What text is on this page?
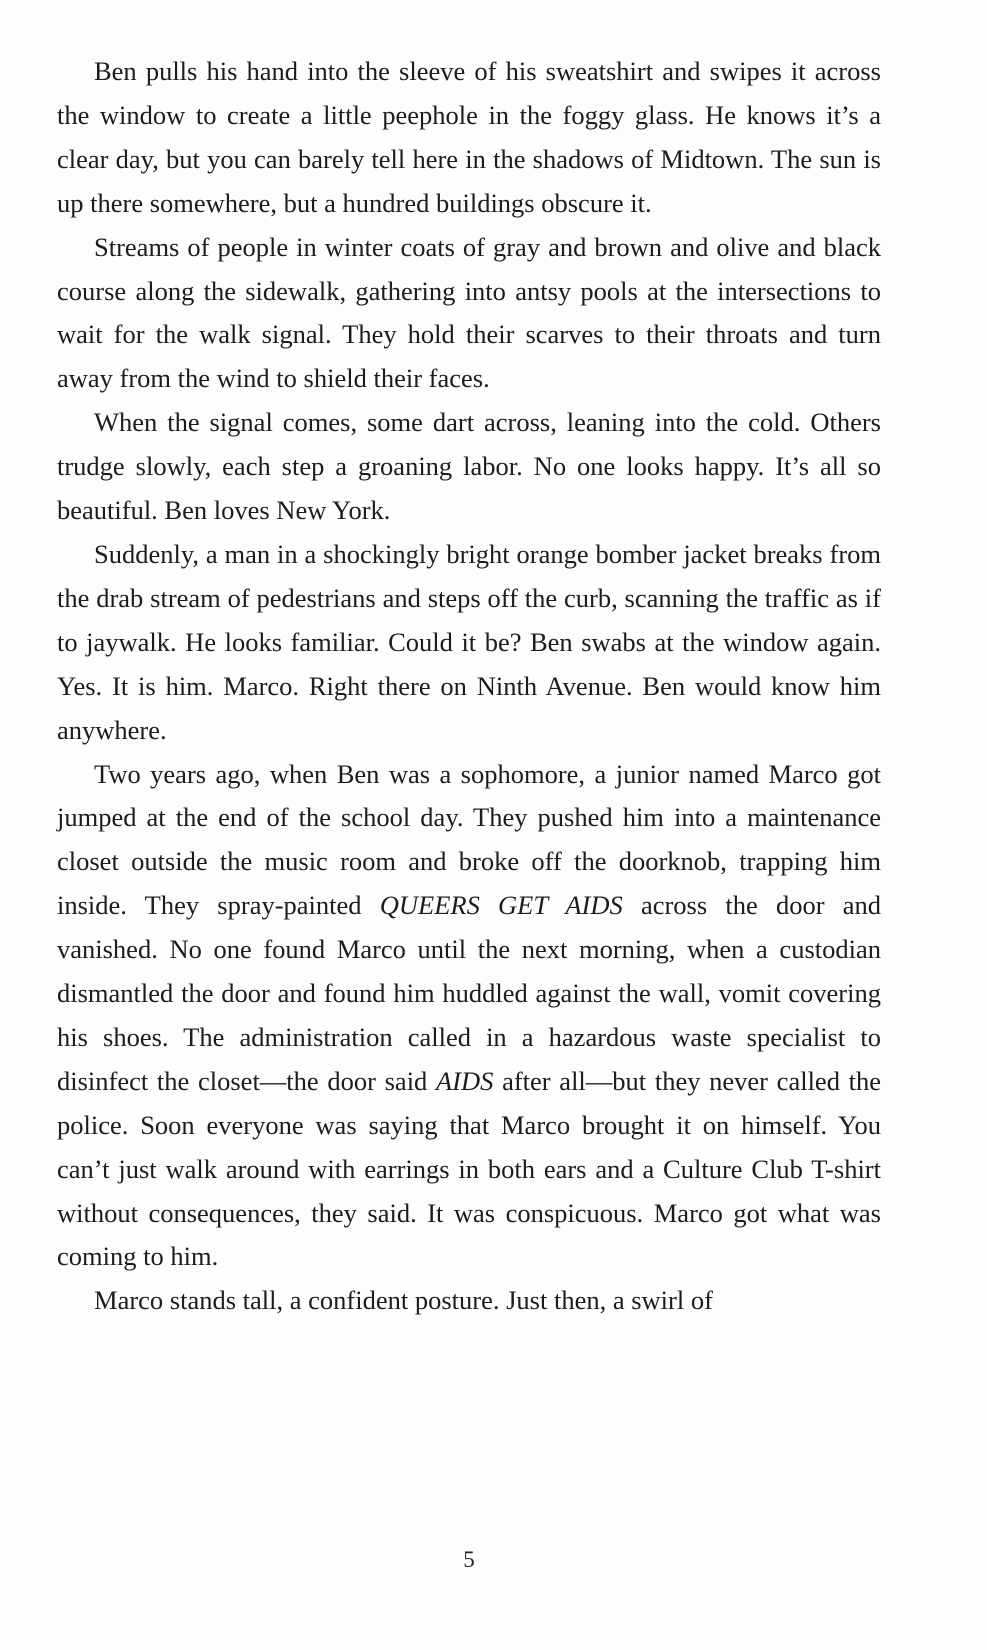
Ben pulls his hand into the sleeve of his sweatshirt and swipes it across the window to create a little peephole in the foggy glass. He knows it’s a clear day, but you can barely tell here in the shadows of Midtown. The sun is up there somewhere, but a hundred buildings obscure it.

Streams of people in winter coats of gray and brown and olive and black course along the sidewalk, gathering into antsy pools at the intersections to wait for the walk signal. They hold their scarves to their throats and turn away from the wind to shield their faces.

When the signal comes, some dart across, leaning into the cold. Others trudge slowly, each step a groaning labor. No one looks happy. It’s all so beautiful. Ben loves New York.

Suddenly, a man in a shockingly bright orange bomber jacket breaks from the drab stream of pedestrians and steps off the curb, scanning the traffic as if to jaywalk. He looks familiar. Could it be? Ben swabs at the window again. Yes. It is him. Marco. Right there on Ninth Avenue. Ben would know him anywhere.

Two years ago, when Ben was a sophomore, a junior named Marco got jumped at the end of the school day. They pushed him into a maintenance closet outside the music room and broke off the doorknob, trapping him inside. They spray-painted QUEERS GET AIDS across the door and vanished. No one found Marco until the next morning, when a custodian dismantled the door and found him huddled against the wall, vomit covering his shoes. The administration called in a hazardous waste specialist to disinfect the closet—the door said AIDS after all—but they never called the police. Soon everyone was saying that Marco brought it on himself. You can’t just walk around with earrings in both ears and a Culture Club T-shirt without consequences, they said. It was conspicuous. Marco got what was coming to him.

Marco stands tall, a confident posture. Just then, a swirl of

5
